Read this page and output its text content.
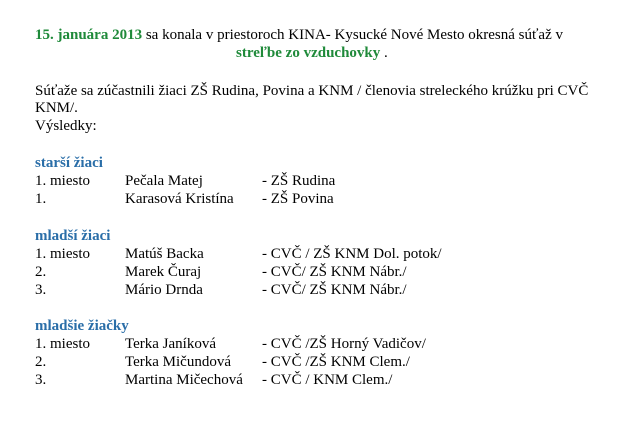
15. januára 2013 sa konala v priestoroch KINA- Kysucké Nové Mesto okresná súťaž v
streľbe zo vzduchovky .
Súťaže sa zúčastnili žiaci ZŠ Rudina, Povina a KNM / členovia streleckého krúžku pri CVČ
KNM/.
Výsledky:
starší žiaci
1. miesto Pečala Matej	- ZŠ Rudina
1.	Karasová Kristína - ZŠ Povina
mladší žiaci
1. miesto Matúš Backa	- CVČ / ZŠ KNM Dol. potok/
2.	Marek Čuraj	- CVČ/ ZŠ KNM Nábr./
3.	Mário Drnda	- CVČ/ ZŠ KNM Nábr./
mladšie žiačky
1. miesto Terka Janíková	- CVČ /ZŠ Horný Vadičov/
2.	Terka Mičundová - CVČ /ZŠ KNM Clem./
3.	Martina Mičechová - CVČ / KNM Clem./
